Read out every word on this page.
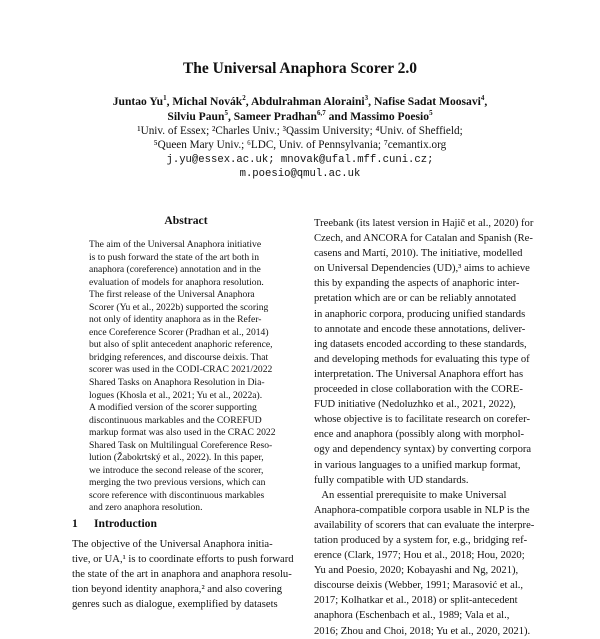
The Universal Anaphora Scorer 2.0
Juntao Yu$^1$, Michal Novák$^2$, Abdulrahman Aloraini$^3$, Nafise Sadat Moosavi$^4$,
Silviu Paun$^5$, Sameer Pradhan$^{6,7}$ and Massimo Poesio$^5$
¹Univ. of Essex; ²Charles Univ.; ³Qassim University; ⁴Univ. of Sheffield;
⁵Queen Mary Univ.; ⁶LDC, Univ. of Pennsylvania; ⁷cemantix.org
j.yu@essex.ac.uk; mnovak@ufal.mff.cuni.cz;
m.poesio@qmul.ac.uk
Abstract
The aim of the Universal Anaphora initiative
is to push forward the state of the art both in
anaphora (coreference) annotation and in the
evaluation of models for anaphora resolution.
The first release of the Universal Anaphora
Scorer (Yu et al., 2022b) supported the scoring
not only of identity anaphora as in the Refer-
ence Coreference Scorer (Pradhan et al., 2014)
but also of split antecedent anaphoric reference,
bridging references, and discourse deixis. That
scorer was used in the CODI-CRAC 2021/2022
Shared Tasks on Anaphora Resolution in Dia-
logues (Khosla et al., 2021; Yu et al., 2022a).
A modified version of the scorer supporting
discontinuous markables and the COREFUD
markup format was also used in the CRAC 2022
Shared Task on Multilingual Coreference Reso-
lution (Žabokrtský et al., 2022). In this paper,
we introduce the second release of the scorer,
merging the two previous versions, which can
score reference with discontinuous markables
and zero anaphora resolution.
1 Introduction
The objective of the Universal Anaphora initia-
tive, or UA,¹ is to coordinate efforts to push forward
the state of the art in anaphora and anaphora resolu-
tion beyond identity anaphora,² and also covering
genres such as dialogue, exemplified by datasets
Treebank (its latest version in Hajič et al., 2020) for
Czech, and ANCORA for Catalan and Spanish (Re-
casens and Martí, 2010). The initiative, modelled
on Universal Dependencies (UD),³ aims to achieve
this by expanding the aspects of anaphoric inter-
pretation which are or can be reliably annotated
in anaphoric corpora, producing unified standards
to annotate and encode these annotations, deliver-
ing datasets encoded according to these standards,
and developing methods for evaluating this type of
interpretation. The Universal Anaphora effort has
proceeded in close collaboration with the CORE-
FUD initiative (Nedoluzhko et al., 2021, 2022),
whose objective is to facilitate research on corefer-
ence and anaphora (possibly along with morphol-
ogy and dependency syntax) by converting corpora
in various languages to a unified markup format,
fully compatible with UD standards.
An essential prerequisite to make Universal
Anaphora-compatible corpora usable in NLP is the
availability of scorers that can evaluate the interpre-
tation produced by a system for, e.g., bridging ref-
erence (Clark, 1977; Hou et al., 2018; Hou, 2020;
Yu and Poesio, 2020; Kobayashi and Ng, 2021),
discourse deixis (Webber, 1991; Marasović et al.,
2017; Kolhatkar et al., 2018) or split-antecedent
anaphora (Eschenbach et al., 1989; Vala et al.,
2016; Zhou and Choi, 2018; Yu et al., 2020, 2021).
